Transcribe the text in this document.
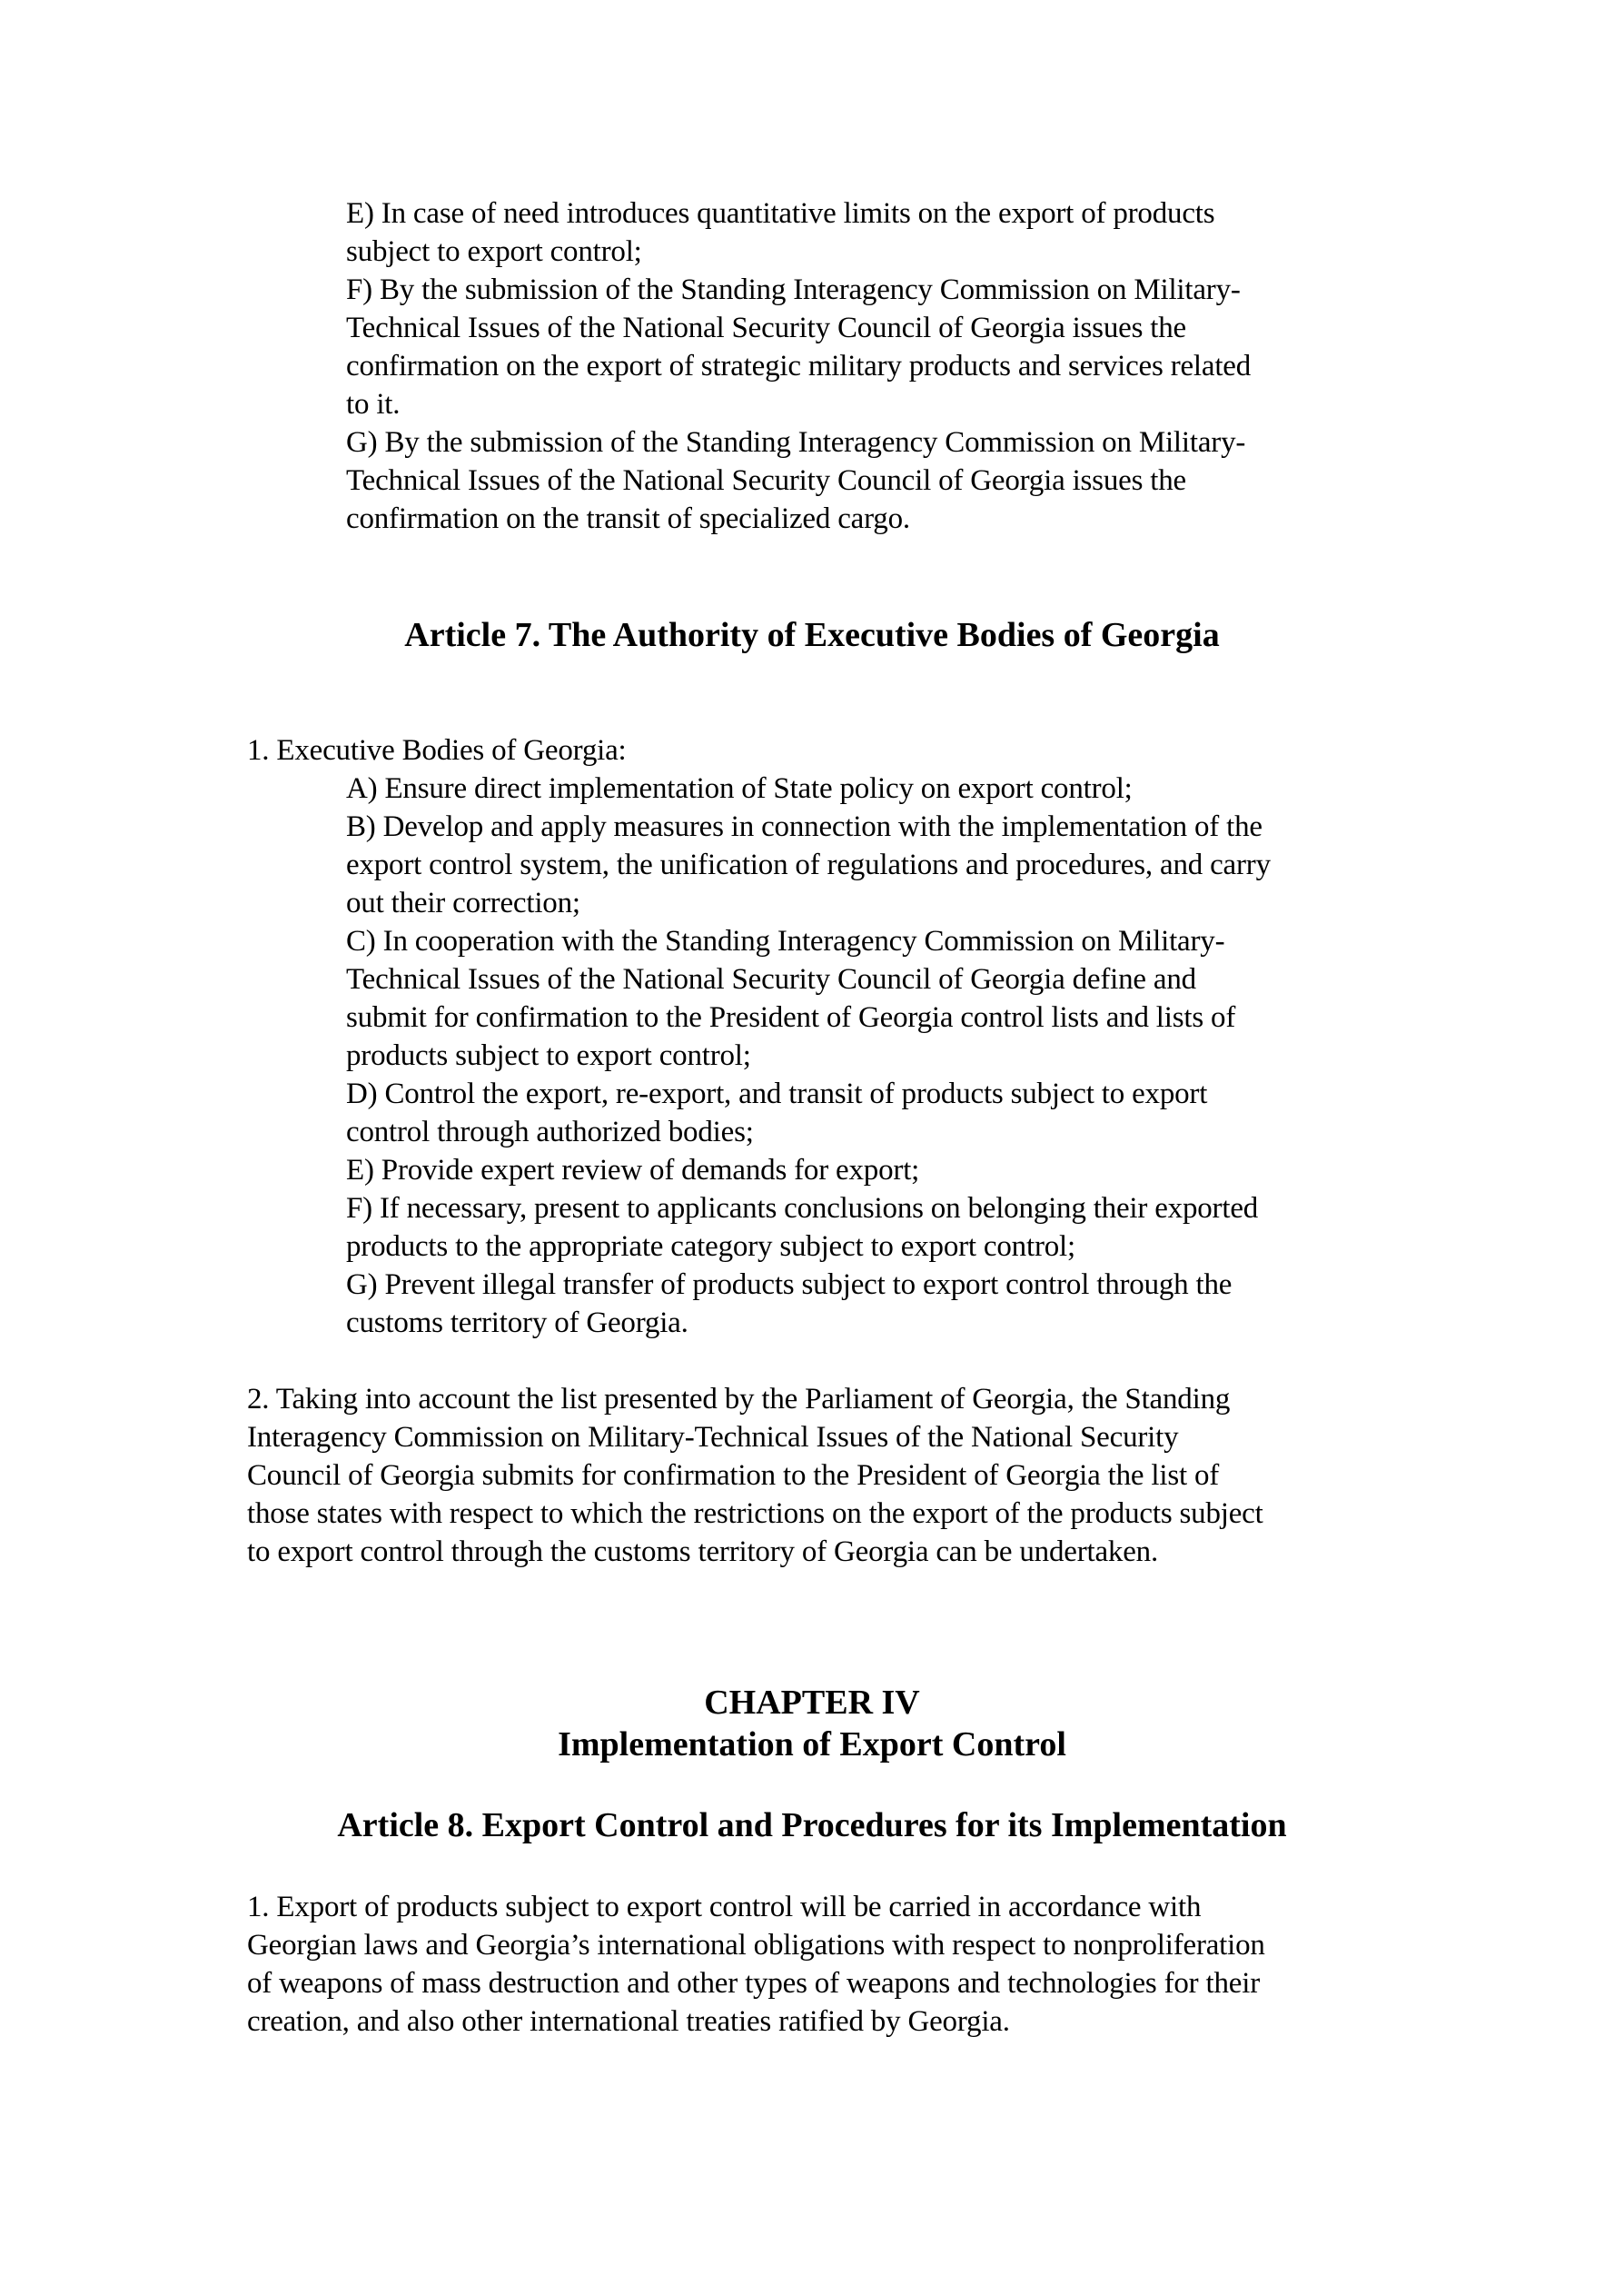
E) In case of need introduces quantitative limits on the export of products
subject to export control;
F) By the submission of the Standing Interagency Commission on Military-
Technical Issues of the National Security Council of Georgia issues the
confirmation on the export of strategic military products and services related
to it.
G) By the submission of the Standing Interagency Commission on Military-
Technical Issues of the National Security Council of Georgia issues the
confirmation on the transit of specialized cargo.
Article 7. The Authority of Executive Bodies of Georgia
1. Executive Bodies of Georgia:
A) Ensure direct implementation of State policy on export control;
B) Develop and apply measures in connection with the implementation of the
export control system, the unification of regulations and procedures, and carry
out their correction;
C) In cooperation with the Standing Interagency Commission on Military-
Technical Issues of the National Security Council of Georgia define and
submit for confirmation to the President of Georgia control lists and lists of
products subject to export control;
D) Control the export, re-export, and transit of products subject to export
control through authorized bodies;
E) Provide expert review of demands for export;
F) If necessary, present to applicants conclusions on belonging their exported
products to the appropriate category subject to export control;
G) Prevent illegal transfer of products subject to export control through the
customs territory of Georgia.
2. Taking into account the list presented by the Parliament of Georgia, the Standing
Interagency Commission on Military-Technical Issues of the National Security
Council of Georgia submits for confirmation to the President of Georgia the list of
those states with respect to which the restrictions on the export of the products subject
to export control through the customs territory of Georgia can be undertaken.
CHAPTER IV
Implementation of Export Control
Article 8. Export Control and Procedures for its Implementation
1. Export of products subject to export control will be carried in accordance with
Georgian laws and Georgia’s international obligations with respect to nonproliferation
of weapons of mass destruction and other types of weapons and technologies for their
creation, and also other international treaties ratified by Georgia.
